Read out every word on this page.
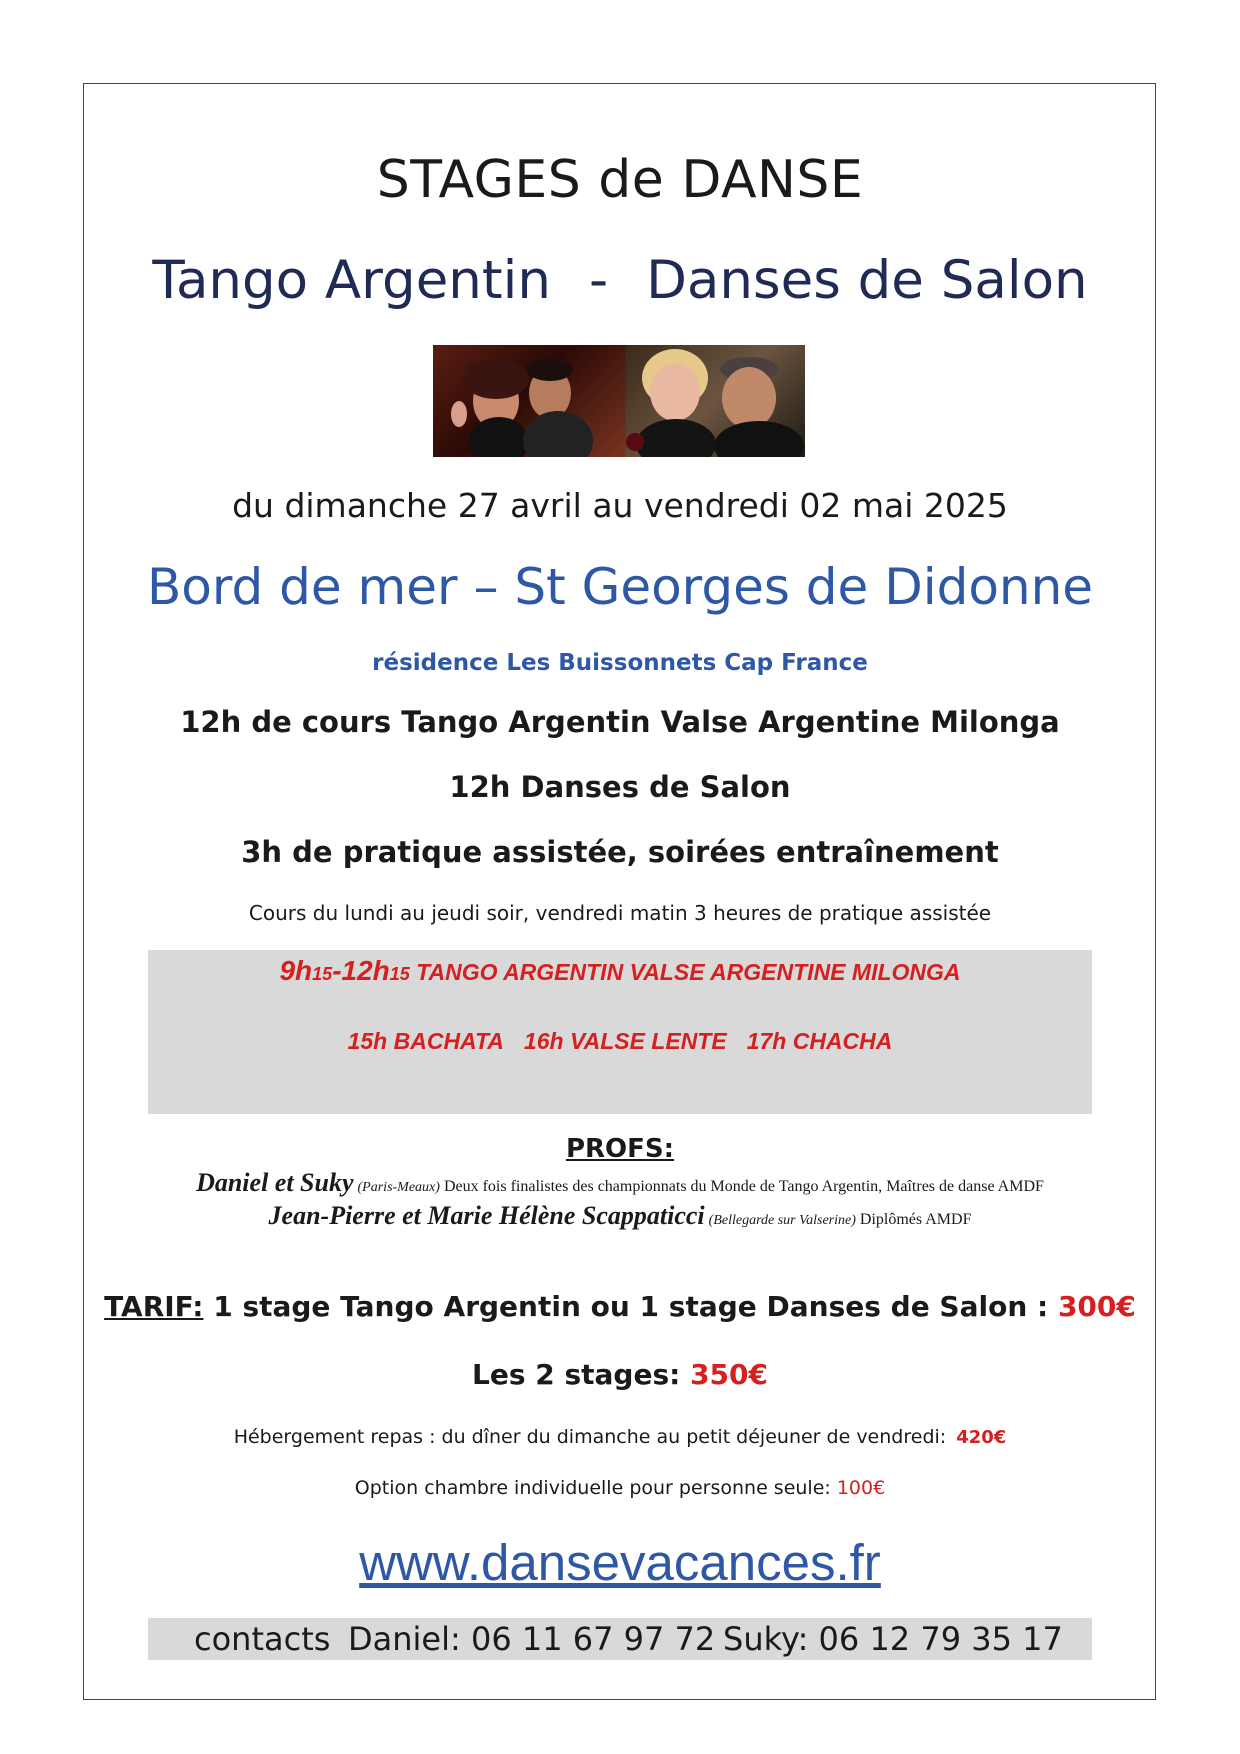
STAGES de DANSE
Tango Argentin - Danses de Salon
du dimanche 27 avril au vendredi 02 mai 2025
Bord de mer – St Georges de Didonne
résidence Les Buissonnets Cap France
12h de cours Tango Argentin Valse Argentine Milonga
12h Danses de Salon
3h de pratique assistée, soirées entraînement
Cours du lundi au jeudi soir, vendredi matin 3 heures de pratique assistée
9h15-12h15 TANGO ARGENTIN VALSE ARGENTINE MILONGA
15h BACHATA 16h VALSE LENTE 17h CHACHA
PROFS:
Daniel et Suky (Paris-Meaux) Deux fois finalistes des championnats du Monde de Tango Argentin, Maîtres de danse AMDF
Jean-Pierre et Marie Hélène Scappaticci (Bellegarde sur Valserine) Diplômés AMDF
TARIF: 1 stage Tango Argentin ou 1 stage Danses de Salon : 300€
Les 2 stages: 350€
Hébergement repas : du dîner du dimanche au petit déjeuner de vendredi: 420€
Option chambre individuelle pour personne seule: 100€
www.dansevacances.fr
contacts Daniel: 06 11 67 97 72 Suky: 06 12 79 35 17
